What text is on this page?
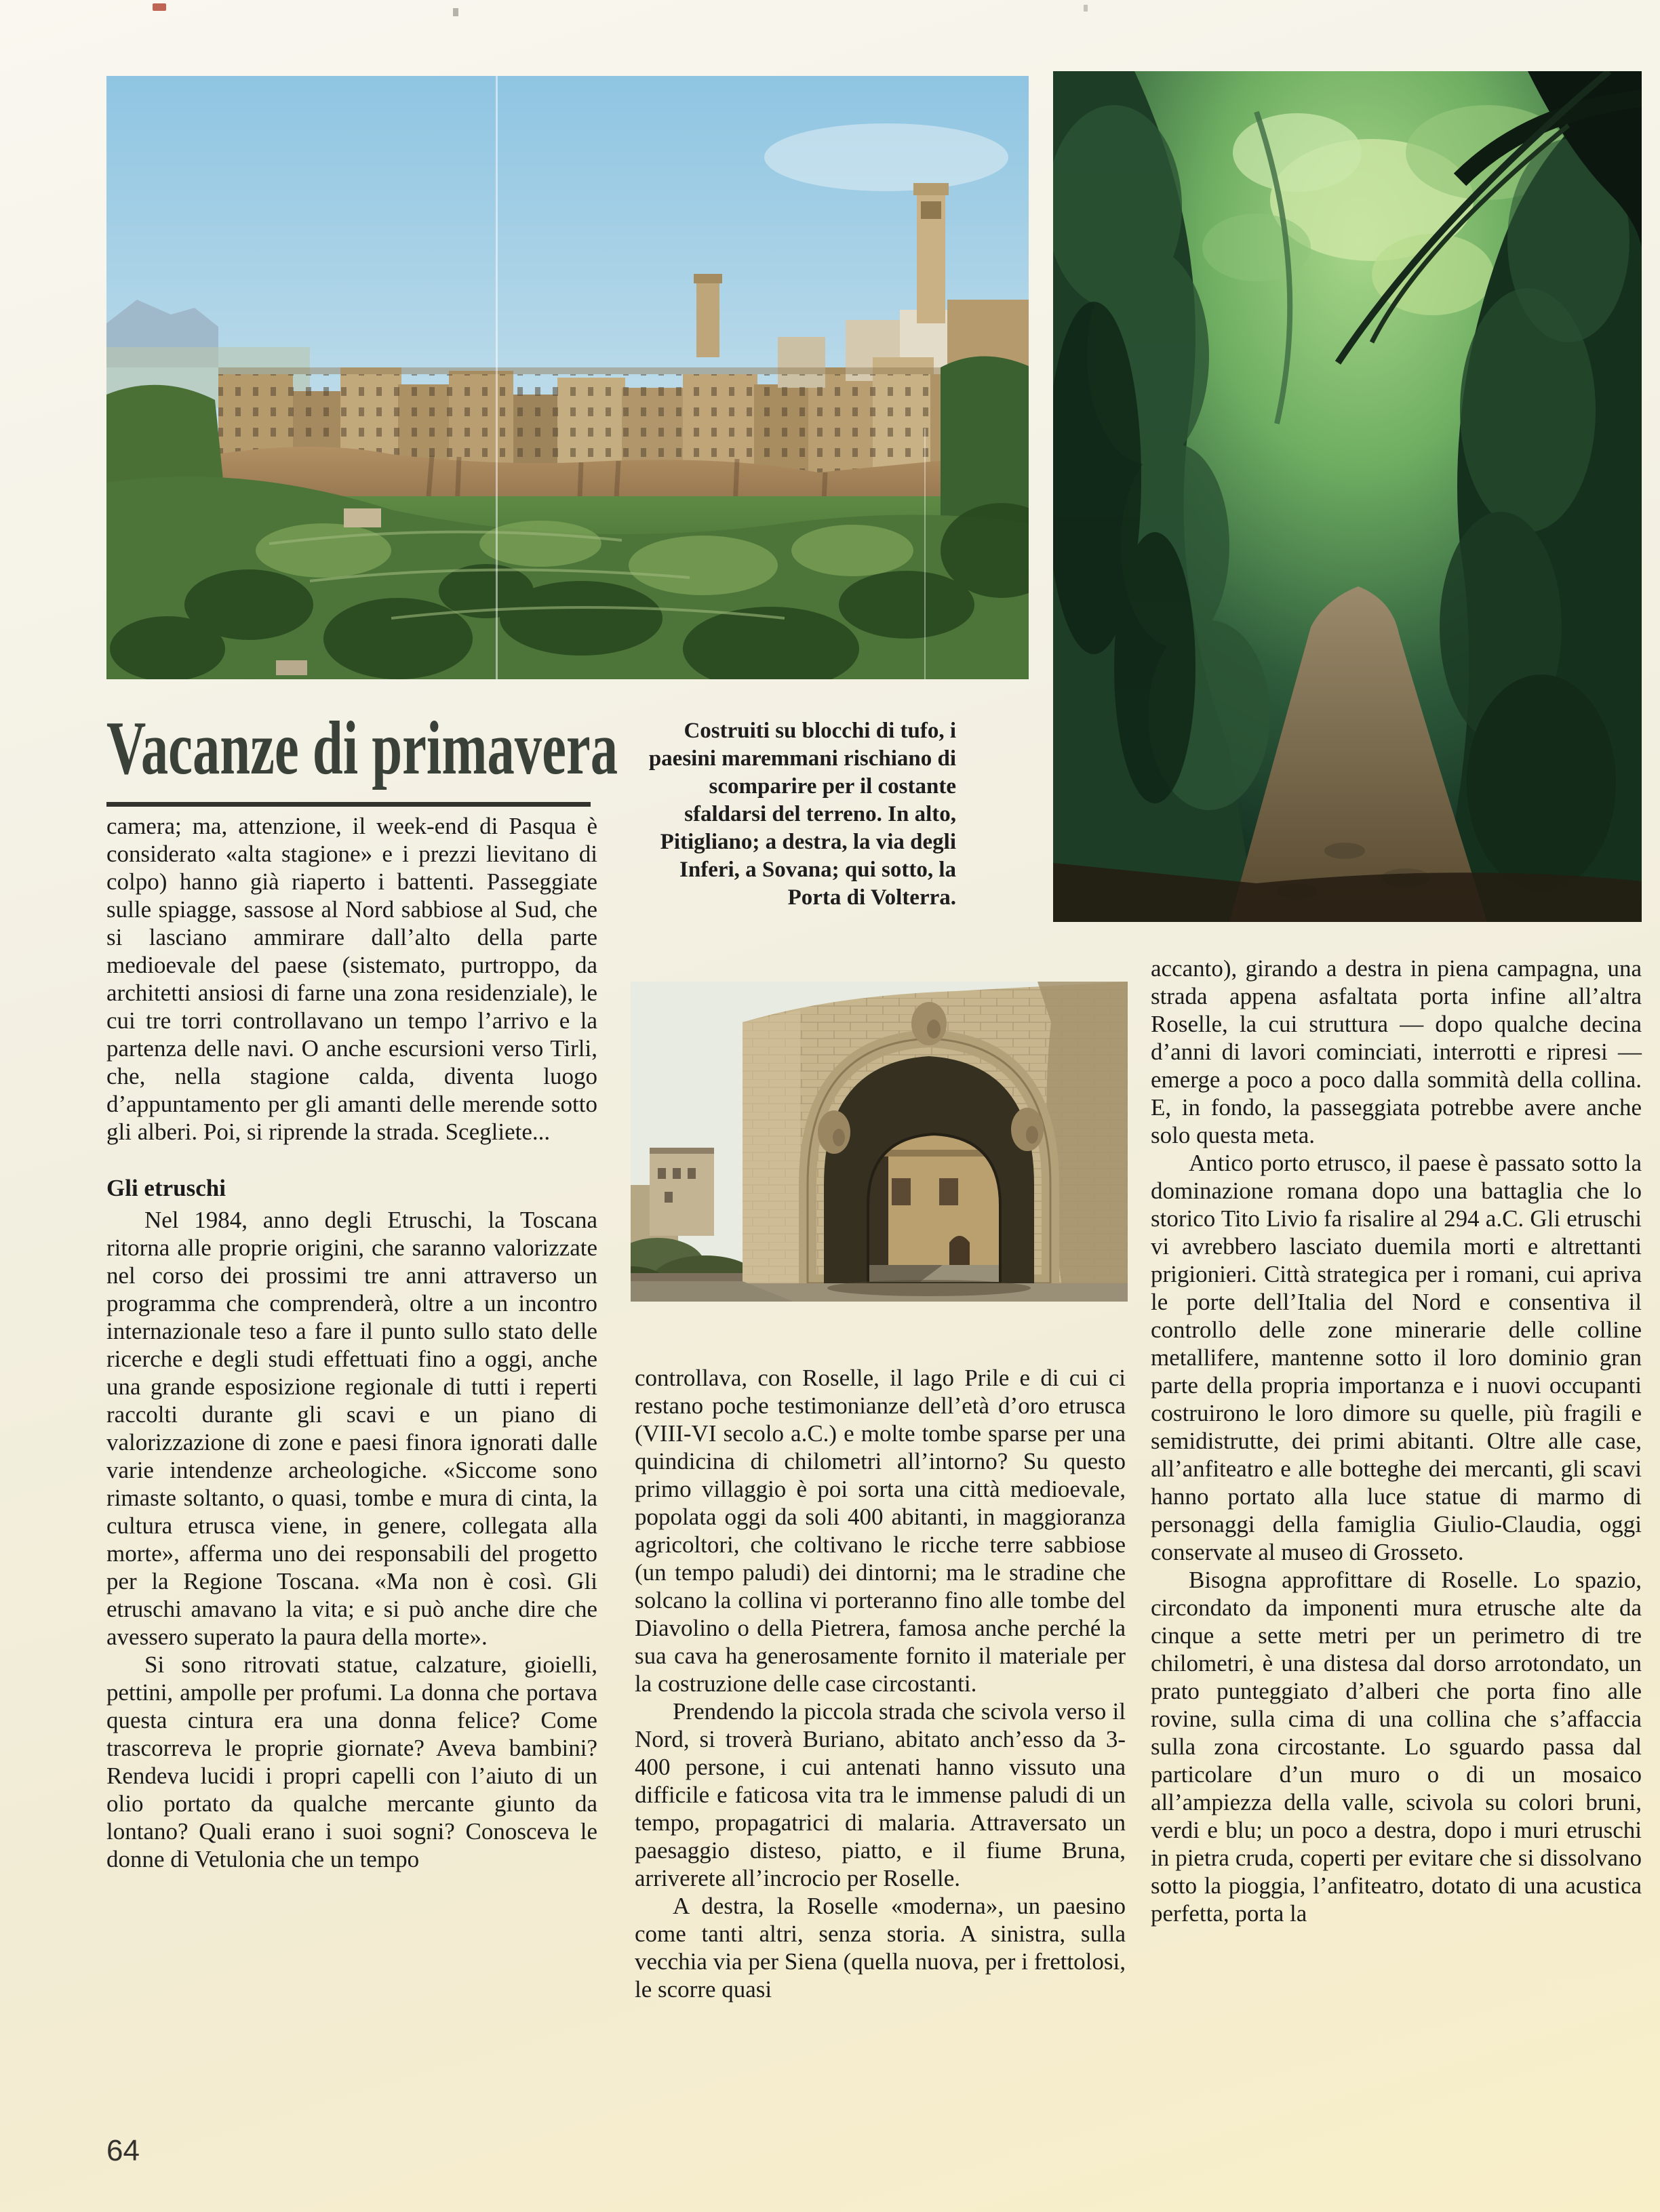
Vacanze di primavera	Costruiti su blocchi di tufo, i paesini maremmani rischiano di scomparire per il costante sfaldarsi del terreno. In alto, Pitigliano; a destra, la via degli Inferi, a Sovana; qui sotto, la Porta di Volterra.

camera; ma, attenzione, il week-end di Pasqua è considerato «alta stagione» e i prezzi lievitano di colpo) hanno già riaperto i battenti. Passeggiate sulle spiagge, sassose al Nord sabbiose al Sud, che si lasciano ammirare dall’alto della parte medioevale del paese (sistemato, purtroppo, da architetti ansiosi di farne una zona residenziale), le cui tre torri controllavano un tempo l’arrivo e la partenza delle navi. O anche escursioni verso Tirli, che, nella stagione calda, diventa luogo d’appuntamento per gli amanti delle merende sotto gli alberi. Poi, si riprende la strada. Scegliete...

Gli etruschi

Nel 1984, anno degli Etruschi, la Toscana ritorna alle proprie origini, che saranno valorizzate nel corso dei prossimi tre anni attraverso un programma che comprenderà, oltre a un incontro internazionale teso a fare il punto sullo stato delle ricerche e degli studi effettuati fino a oggi, anche una grande esposizione regionale di tutti i reperti raccolti durante gli scavi e un piano di valorizzazione di zone e paesi finora ignorati dalle varie intendenze archeologiche. «Siccome sono rimaste soltanto, o quasi, tombe e mura di cinta, la cultura etrusca viene, in genere, collegata alla morte», afferma uno dei responsabili del progetto per la Regione Toscana. «Ma non è così. Gli etruschi amavano la vita; e si può anche dire che avessero superato la paura della morte».

Si sono ritrovati statue, calzature, gioielli, pettini, ampolle per profumi. La donna che portava questa cintura era una donna felice? Come trascorreva le proprie giornate? Aveva bambini? Rendeva lucidi i propri capelli con l’aiuto di un olio portato da qualche mercante giunto da lontano? Quali erano i suoi sogni? Conosceva le donne di Vetulonia che un tempo

controllava, con Roselle, il lago Prile e di cui ci restano poche testimonianze dell’età d’oro etrusca (VIII-VI secolo a.C.) e molte tombe sparse per una quindicina di chilometri all’intorno? Su questo primo villaggio è poi sorta una città medioevale, popolata oggi da soli 400 abitanti, in maggioranza agricoltori, che coltivano le ricche terre sabbiose (un tempo paludi) dei dintorni; ma le stradine che solcano la collina vi porteranno fino alle tombe del Diavolino o della Pietrera, famosa anche perché la sua cava ha generosamente fornito il materiale per la costruzione delle case circostanti.

Prendendo la piccola strada che scivola verso il Nord, si troverà Buriano, abitato anch’esso da 3-400 persone, i cui antenati hanno vissuto una difficile e faticosa vita tra le immense paludi di un tempo, propagatrici di malaria. Attraversato un paesaggio disteso, piatto, e il fiume Bruna, arriverete all’incrocio per Roselle.

A destra, la Roselle «moderna», un paesino come tanti altri, senza storia. A sinistra, sulla vecchia via per Siena (quella nuova, per i frettolosi, le scorre quasi

accanto), girando a destra in piena campagna, una strada appena asfaltata porta infine all’altra Roselle, la cui struttura — dopo qualche decina d’anni di lavori cominciati, interrotti e ripresi — emerge a poco a poco dalla sommità della collina. E, in fondo, la passeggiata potrebbe avere anche solo questa meta.

Antico porto etrusco, il paese è passato sotto la dominazione romana dopo una battaglia che lo storico Tito Livio fa risalire al 294 a.C. Gli etruschi vi avrebbero lasciato duemila morti e altrettanti prigionieri. Città strategica per i romani, cui apriva le porte dell’Italia del Nord e consentiva il controllo delle zone minerarie delle colline metallifere, mantenne sotto il loro dominio gran parte della propria importanza e i nuovi occupanti costruirono le loro dimore su quelle, più fragili e semidistrutte, dei primi abitanti. Oltre alle case, all’anfiteatro e alle botteghe dei mercanti, gli scavi hanno portato alla luce statue di marmo di personaggi della famiglia Giulio-Claudia, oggi conservate al museo di Grosseto.

Bisogna approfittare di Roselle. Lo spazio, circondato da imponenti mura etrusche alte da cinque a sette metri per un perimetro di tre chilometri, è una distesa dal dorso arrotondato, un prato punteggiato d’alberi che porta fino alle rovine, sulla cima di una collina che s’affaccia sulla zona circostante. Lo sguardo passa dal particolare d’un muro o di un mosaico all’ampiezza della valle, scivola su colori bruni, verdi e blu; un poco a destra, dopo i muri etruschi in pietra cruda, coperti per evitare che si dissolvano sotto la pioggia, l’anfiteatro, dotato di una acustica perfetta, porta la

64
